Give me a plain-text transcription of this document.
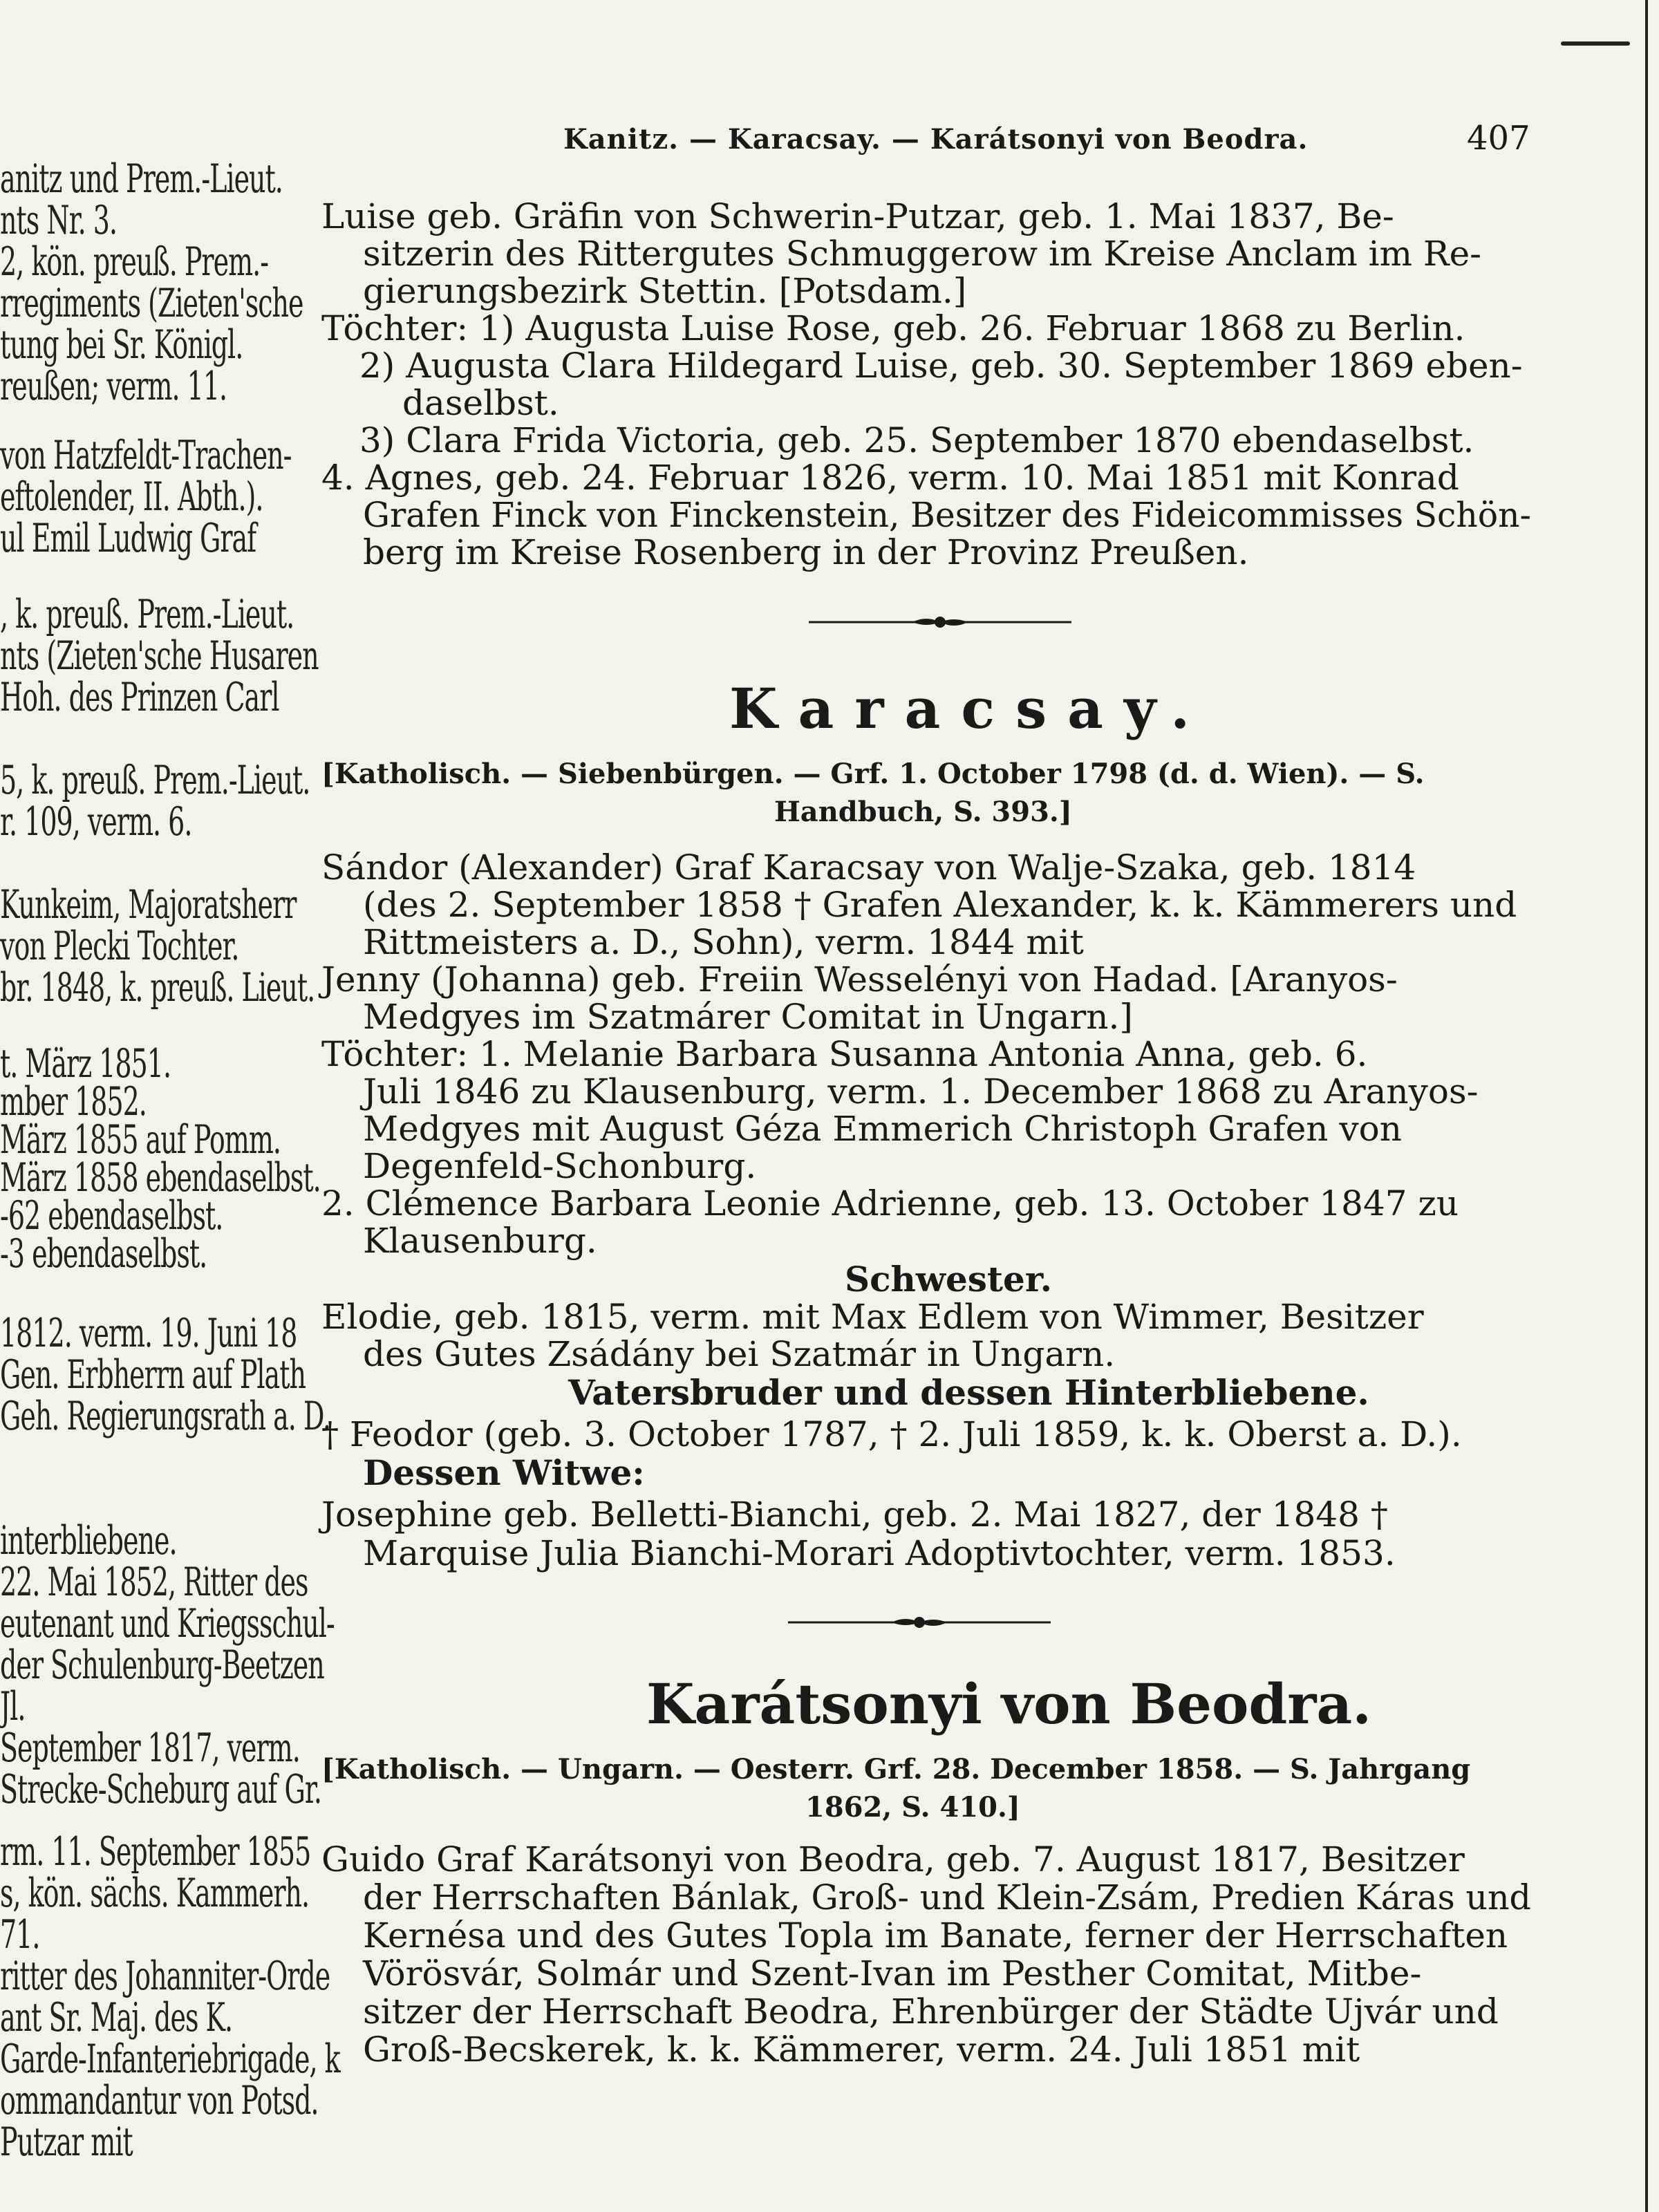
anitz und Prem.-Lieut.
nts Nr. 3.
2, kön. preuß. Prem.-
rregiments (Zieten'sche
tung bei Sr. Königl.
reußen; verm. 11.
von Hatzfeldt-Trachen-
eftolender, II. Abth.).
ul Emil Ludwig Graf
, k. preuß. Prem.-Lieut.
nts (Zieten'sche Husaren
Hoh. des Prinzen Carl
5, k. preuß. Prem.-Lieut.
r. 109, verm. 6.
Kunkeim, Majoratsherr
von Plecki Tochter.
br. 1848, k. preuß. Lieut.
t. März 1851.
mber 1852.
März 1855 auf Pomm.
März 1858 ebendaselbst.
-62 ebendaselbst.
-3 ebendaselbst.
1812. verm. 19. Juni 18
Gen. Erbherrn auf Plath
Geh. Regierungsrath a. D.
interbliebene.
22. Mai 1852, Ritter des
eutenant und Kriegsschul-
der Schulenburg-Beetzen
Jl.
September 1817, verm.
Strecke-Scheburg auf Gr.
rm. 11. September 1855
s, kön. sächs. Kammerh.
71.
ritter des Johanniter-Orde
ant Sr. Maj. des K.
Garde-Infanteriebrigade, k
ommandantur von Potsd.
Putzar mit
Kanitz. — Karacsay. — Karátsonyi von Beodra.	407
Luise geb. Gräfin von Schwerin-Putzar, geb. 1. Mai 1837, Be-
sitzerin des Rittergutes Schmuggerow im Kreise Anclam im Re-
gierungsbezirk Stettin. [Potsdam.]
Töchter: 1) Augusta Luise Rose, geb. 26. Februar 1868 zu Berlin.
2) Augusta Clara Hildegard Luise, geb. 30. September 1869 eben-
daselbst.
3) Clara Frida Victoria, geb. 25. September 1870 ebendaselbst.
4. Agnes, geb. 24. Februar 1826, verm. 10. Mai 1851 mit Konrad
Grafen Finck von Finckenstein, Besitzer des Fideicommisses Schön-
berg im Kreise Rosenberg in der Provinz Preußen.
Karacsay.
[Katholisch. — Siebenbürgen. — Grf. 1. October 1798 (d. d. Wien). — S.
Handbuch, S. 393.]
Sándor (Alexander) Graf Karacsay von Walje-Szaka, geb. 1814
(des 2. September 1858 † Grafen Alexander, k. k. Kämmerers und
Rittmeisters a. D., Sohn), verm. 1844 mit
Jenny (Johanna) geb. Freiin Wesselényi von Hadad. [Aranyos-
Medgyes im Szatmárer Comitat in Ungarn.]
Töchter: 1. Melanie Barbara Susanna Antonia Anna, geb. 6.
Juli 1846 zu Klausenburg, verm. 1. December 1868 zu Aranyos-
Medgyes mit August Géza Emmerich Christoph Grafen von
Degenfeld-Schonburg.
2. Clémence Barbara Leonie Adrienne, geb. 13. October 1847 zu
Klausenburg.
Schwester.
Elodie, geb. 1815, verm. mit Max Edlem von Wimmer, Besitzer
des Gutes Zsádány bei Szatmár in Ungarn.
Vatersbruder und dessen Hinterbliebene.
† Feodor (geb. 3. October 1787, † 2. Juli 1859, k. k. Oberst a. D.).
Dessen Witwe:
Josephine geb. Belletti-Bianchi, geb. 2. Mai 1827, der 1848 †
Marquise Julia Bianchi-Morari Adoptivtochter, verm. 1853.
Karátsonyi von Beodra.
[Katholisch. — Ungarn. — Oesterr. Grf. 28. December 1858. — S. Jahrgang
1862, S. 410.]
Guido Graf Karátsonyi von Beodra, geb. 7. August 1817, Besitzer
der Herrschaften Bánlak, Groß- und Klein-Zsám, Predien Káras und
Kernésa und des Gutes Topla im Banate, ferner der Herrschaften
Vörösvár, Solmár und Szent-Ivan im Pesther Comitat, Mitbe-
sitzer der Herrschaft Beodra, Ehrenbürger der Städte Ujvár und
Groß-Becskerek, k. k. Kämmerer, verm. 24. Juli 1851 mit
